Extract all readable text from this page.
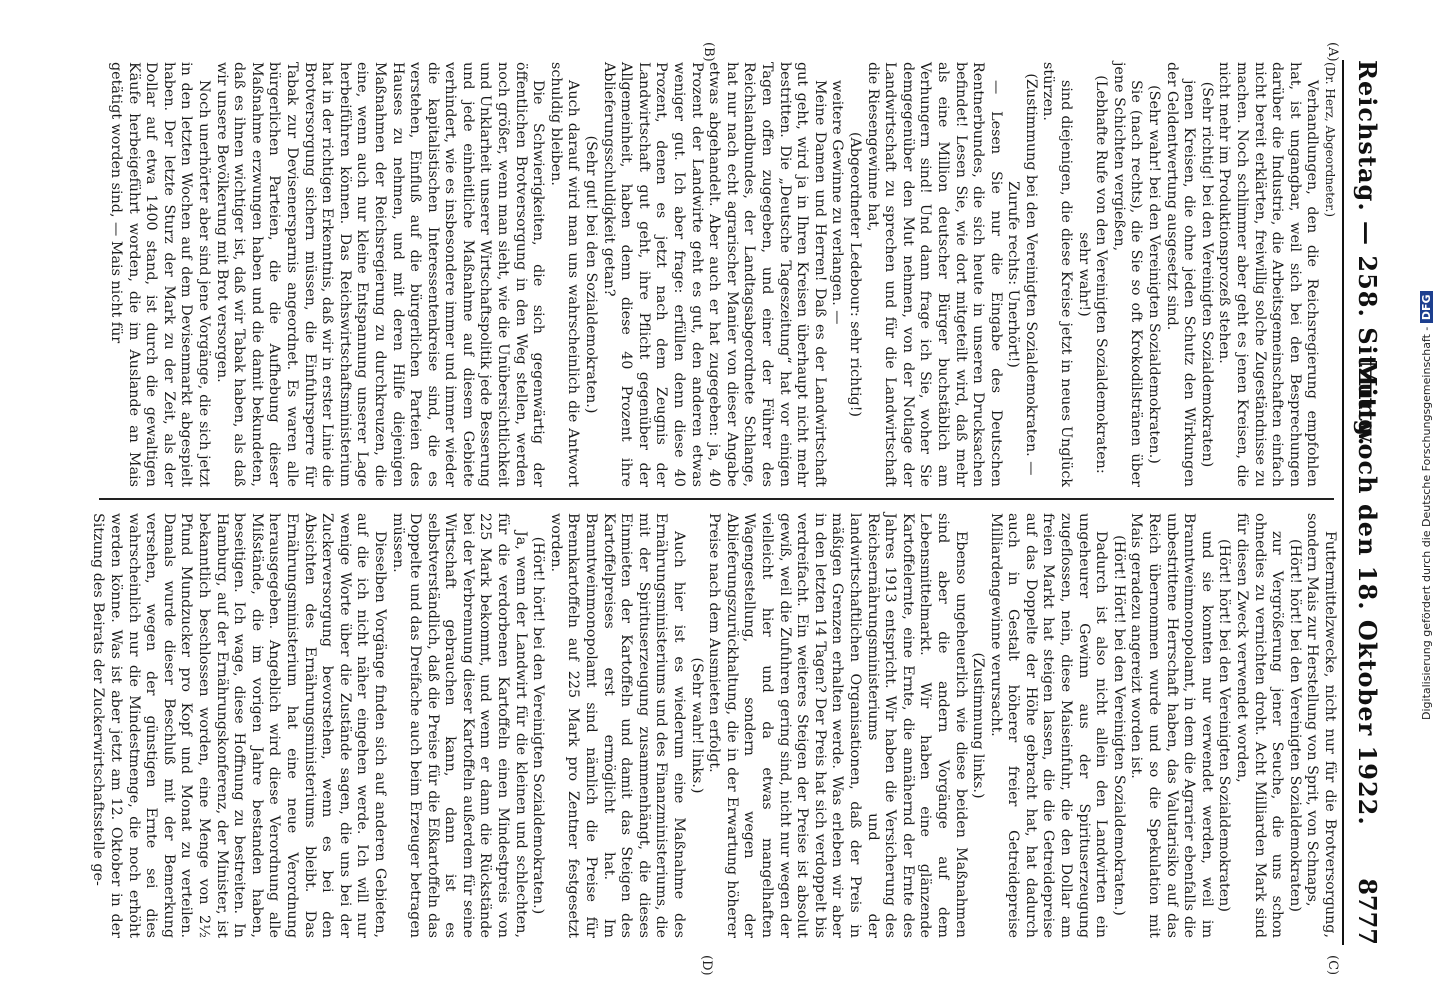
Reichstag. — 258. Sitzung.
Mittwoch den 18. Oktober 1922.
8777
(A)
(B)
(C)
(D)

(Dr. Herz, Abgeordneter.)

Verhandlungen, den die Reichsregierung empfohlen hat, ist ungangbar, weil sich bei den Besprechungen darüber die Industrie, die Arbeitsgemeinschaften einfach nicht bereit erklärten, freiwillig solche Zugeständnisse zu machen. Noch schlimmer aber geht es jenen Kreisen, die nicht mehr im Produktionsprozeß stehen.

(Sehr richtig! bei den Vereinigten Sozialdemokraten)

jenen Kreisen, die ohne jeden Schutz den Wirkungen der Geldentwertung ausgesetzt sind.

(Sehr wahr! bei den Vereinigten Sozialdemokraten.)

Sie (nach rechts), die Sie so oft Krokodilstränen über jene Schichten vergießen,

(Lebhafte Rufe von den Vereinigten Sozialdemokraten: sehr wahr!)

sind diejenigen, die diese Kreise jetzt in neues Unglück stürzen.

(Zustimmung bei den Vereinigten Sozialdemokraten. — Zurufe rechts: Unerhört!)

— Lesen Sie nur die Eingabe des Deutschen Rentnerbundes, die sich heute in unseren Drucksachen befindet! Lesen Sie, wie dort mitgeteilt wird, daß mehr als eine Million deutscher Bürger buchstäblich am Verhungern sind! Und dann frage ich Sie, woher Sie demgegenüber den Mut nehmen, von der Notlage der Landwirtschaft zu sprechen und für die Landwirtschaft die Riesengewinne hat,

(Abgeordneter Ledebour: sehr richtig!)

weitere Gewinne zu verlangen. —

Meine Damen und Herren! Daß es der Landwirtschaft gut geht, wird ja in Ihren Kreisen überhaupt nicht mehr bestritten. Die „Deutsche Tageszeitung“ hat vor einigen Tagen offen zugegeben, und einer der Führer des Reichslandbundes, der Landtagsabgeordnete Schlange, hat nur nach echt agrarischer Manier von dieser Angabe etwas abgehandelt. Aber auch er hat zugegeben: ja, 40 Prozent der Landwirte geht es gut, den anderen etwas weniger gut. Ich aber frage: erfüllen denn diese 40 Prozent, denen es jetzt nach dem Zeugnis der Landwirtschaft gut geht, ihre Pflicht gegenüber der Allgemeinheit, haben denn diese 40 Prozent ihre Ablieferungsschuldigkeit getan?

(Sehr gut! bei den Sozialdemokraten.)

Auch darauf wird man uns wahrscheinlich die Antwort schuldig bleiben.

Die Schwierigkeiten, die sich gegenwärtig der öffentlichen Brotversorgung in den Weg stellen, werden noch größer, wenn man sieht, wie die Unübersichtlichkeit und Unklarheit unserer Wirtschaftspolitik jede Besserung und jede einheitliche Maßnahme auf diesem Gebiete verhindert, wie es insbesondere immer und immer wieder die kapitalistischen Interessentenkreise sind, die es verstehen, Einfluß auf die bürgerlichen Parteien des Hauses zu nehmen, und mit deren Hilfe diejenigen Maßnahmen der Reichsregierung zu durchkreuzen, die eine, wenn auch nur kleine Entspannung unserer Lage herbeiführen können. Das Reichswirtschaftsministerium hat in der richtigen Erkenntnis, daß wir in erster Linie die Brotversorgung sichern müssen, die Einfuhrsperre für Tabak zur Devisenersparnis angeordnet. Es waren alle bürgerlichen Parteien, die die Aufhebung dieser Maßnahme erzwungen haben und die damit bekundeten, daß es ihnen wichtiger ist, daß wir Tabak haben, als daß wir unsere Bevölkerung mit Brot versorgen.

Noch unerhörter aber sind jene Vorgänge, die sich jetzt in den letzten Wochen auf dem Devisenmarkt abgespielt haben. Der letzte Sturz der Mark zu der Zeit, als der Dollar auf etwa 1400 stand, ist durch die gewaltigen Käufe herbeigeführt worden, die im Auslande an Mais getätigt worden sind, — Mais nicht für

Futtermittelzwecke, nicht nur für die Brotversorgung, sondern Mais zur Herstellung von Sprit, von Schnaps,

(Hört! hört! bei den Vereinigten Sozialdemokraten)

zur Vergrößerung jener Seuche, die uns schon ohnedies zu vernichten droht. Acht Milliarden Mark sind für diesen Zweck verwendet worden,

(Hört! hört! bei den Vereinigten Sozialdemokraten)

und sie konnten nur verwendet werden, weil im Branntweinmonopolamt, in dem die Agrarier ebenfalls die unbestrittene Herrschaft haben, das Valutarisiko auf das Reich übernommen wurde und so die Spekulation mit Mais geradezu angereizt worden ist.

(Hört! Hört! bei den Vereinigten Sozialdemokraten.)

Dadurch ist also nicht allein den Landwirten ein ungeheurer Gewinn aus der Spirituserzeugung zugeflossen, nein, diese Maiseinfuhr, die den Dollar am freien Markt hat steigen lassen, die die Getreidepreise auf das Doppelte der Höhe gebracht hat, hat dadurch auch in Gestalt höherer freier Getreidepreise Milliardengewinne verursacht.

(Zustimmung links.)

Ebenso ungeheuerlich wie diese beiden Maßnahmen sind aber die andern Vorgänge auf dem Lebensmittelmarkt. Wir haben eine glänzende Kartoffelernte, eine Ernte, die annähernd der Ernte des Jahres 1913 entspricht. Wir haben die Versicherung des Reichsernährungsministeriums und der landwirtschaftlichen Organisationen, daß der Preis in mäßigen Grenzen erhalten werde. Was erleben wir aber in den letzten 14 Tagen? Der Preis hat sich verdoppelt bis verdreifacht. Ein weiteres Steigen der Preise ist absolut gewiß, weil die Zufuhren gering sind, nicht nur wegen der vielleicht hier und da etwas mangelhaften Wagengestellung, sondern wegen der Ablieferungszurückhaltung, die in der Erwartung höherer Preise nach dem Ausmieten erfolgt.

(Sehr wahr! links.)

Auch hier ist es wiederum eine Maßnahme des Ernährungsministeriums und des Finanzministeriums, die mit der Spirituserzeugung zusammenhängt, die dieses Einmieten der Kartoffeln und damit das Steigen des Kartoffelpreises erst ermöglicht hat. Im Branntweinmonopolamt sind nämlich die Preise für Brennkartoffeln auf 225 Mark pro Zentner festgesetzt worden.

(Hört! hört! bei den Vereinigten Sozialdemokraten.)

Ja, wenn der Landwirt für die kleinen und schlechten, für die verdorbenen Kartoffeln einen Mindestpreis von 225 Mark bekommt, und wenn er dann die Rückstände bei der Verbrennung dieser Kartoffeln außerdem für seine Wirtschaft gebrauchen kann, dann ist es selbstverständlich, daß die Preise für die Eßkartoffeln das Doppelte und das Dreifache auch beim Erzeuger betragen müssen.

Dieselben Vorgänge finden sich auf anderen Gebieten, auf die ich nicht näher eingehen werde. Ich will nur wenige Worte über die Zustände sagen, die uns bei der Zuckerversorgung bevorstehen, wenn es bei den Absichten des Ernährungsministeriums bleibt. Das Ernährungsministerium hat eine neue Verordnung herausgegeben. Angeblich wird diese Verordnung alle Mißstände, die im vorigen Jahre bestanden haben, beseitigen. Ich wage, diese Hoffnung zu bestreiten. In Hamburg, auf der Ernährungskonferenz, der Minister, ist bekanntlich beschlossen worden, eine Menge von 2½ Pfund Mundzucker pro Kopf und Monat zu verteilen. Damals wurde dieser Beschluß mit der Bemerkung versehen, wegen der günstigen Ernte sei dies wahrscheinlich nur die Mindestmenge, die noch erhöht werden könne. Was ist aber jetzt am 12. Oktober in der Sitzung des Beirats der Zuckerwirtschaftsstelle ge-	Digitalisierung gefördert durch die Deutsche Forschungsgemeinschaft - DFG
